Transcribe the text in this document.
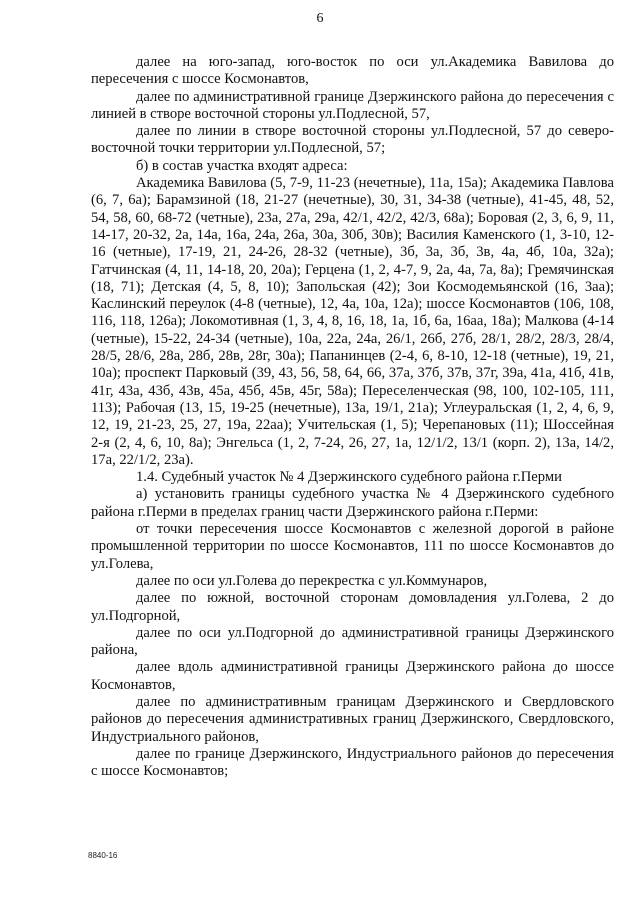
6

далее на юго-запад, юго-восток по оси ул.Академика Вавилова до пересечения с шоссе Космонавтов,

далее по административной границе Дзержинского района до пересечения с линией в створе восточной стороны ул.Подлесной, 57,

далее по линии в створе восточной стороны ул.Подлесной, 57 до северо-восточной точки территории ул.Подлесной, 57;

б) в состав участка входят адреса:

Академика Вавилова (5, 7-9, 11-23 (нечетные), 11а, 15а); Академика Павлова (6, 7, 6а); Барамзиной (18, 21-27 (нечетные), 30, 31, 34-38 (четные), 41-45, 48, 52, 54, 58, 60, 68-72 (четные), 23а, 27а, 29а, 42/1, 42/2, 42/3, 68а); Боровая (2, 3, 6, 9, 11, 14-17, 20-32, 2а, 14а, 16а, 24а, 26а, 30а, 30б, 30в); Василия Каменского (1, 3-10, 12-16 (четные), 17-19, 21, 24-26, 28-32 (четные), 3б, 3а, 3б, 3в, 4а, 4б, 10а, 32а); Гатчинская (4, 11, 14-18, 20, 20а); Герцена (1, 2, 4-7, 9, 2а, 4а, 7а, 8а); Гремячинская (18, 71); Детская (4, 5, 8, 10); Запольская (42); Зои Космодемьянской (16, 3аа); Каслинский переулок (4-8 (четные), 12, 4а, 10а, 12а); шоссе Космонавтов (106, 108, 116, 118, 126а); Локомотивная (1, 3, 4, 8, 16, 18, 1а, 1б, 6а, 16аа, 18а); Малкова (4-14 (четные), 15-22, 24-34 (четные), 10а, 22а, 24а, 26/1, 26б, 27б, 28/1, 28/2, 28/3, 28/4, 28/5, 28/6, 28а, 28б, 28в, 28г, 30а); Папанинцев (2-4, 6, 8-10, 12-18 (четные), 19, 21, 10а); проспект Парковый (39, 43, 56, 58, 64, 66, 37а, 37б, 37в, 37г, 39а, 41а, 41б, 41в, 41г, 43а, 43б, 43в, 45а, 45б, 45в, 45г, 58а); Переселенческая (98, 100, 102-105, 111, 113); Рабочая (13, 15, 19-25 (нечетные), 13а, 19/1, 21а); Углеуральская (1, 2, 4, 6, 9, 12, 19, 21-23, 25, 27, 19а, 22аа); Учительская (1, 5); Черепановых (11); Шоссейная 2-я (2, 4, 6, 10, 8а); Энгельса (1, 2, 7-24, 26, 27, 1а, 12/1/2, 13/1 (корп. 2), 13а, 14/2, 17а, 22/1/2, 23а).

1.4. Судебный участок № 4 Дзержинского судебного района г.Перми

а) установить границы судебного участка № 4 Дзержинского судебного района г.Перми в пределах границ части Дзержинского района г.Перми:

от точки пересечения шоссе Космонавтов с железной дорогой в районе промышленной территории по шоссе Космонавтов, 111 по шоссе Космонавтов до ул.Голева,

далее по оси ул.Голева до перекрестка с ул.Коммунаров,

далее по южной, восточной сторонам домовладения ул.Голева, 2 до ул.Подгорной,

далее по оси ул.Подгорной до административной границы Дзержинского района,

далее вдоль административной границы Дзержинского района до шоссе Космонавтов,

далее по административным границам Дзержинского и Свердловского районов до пересечения административных границ Дзержинского, Свердловского, Индустриального районов,

далее по границе Дзержинского, Индустриального районов до пересечения с шоссе Космонавтов;

8840-16
